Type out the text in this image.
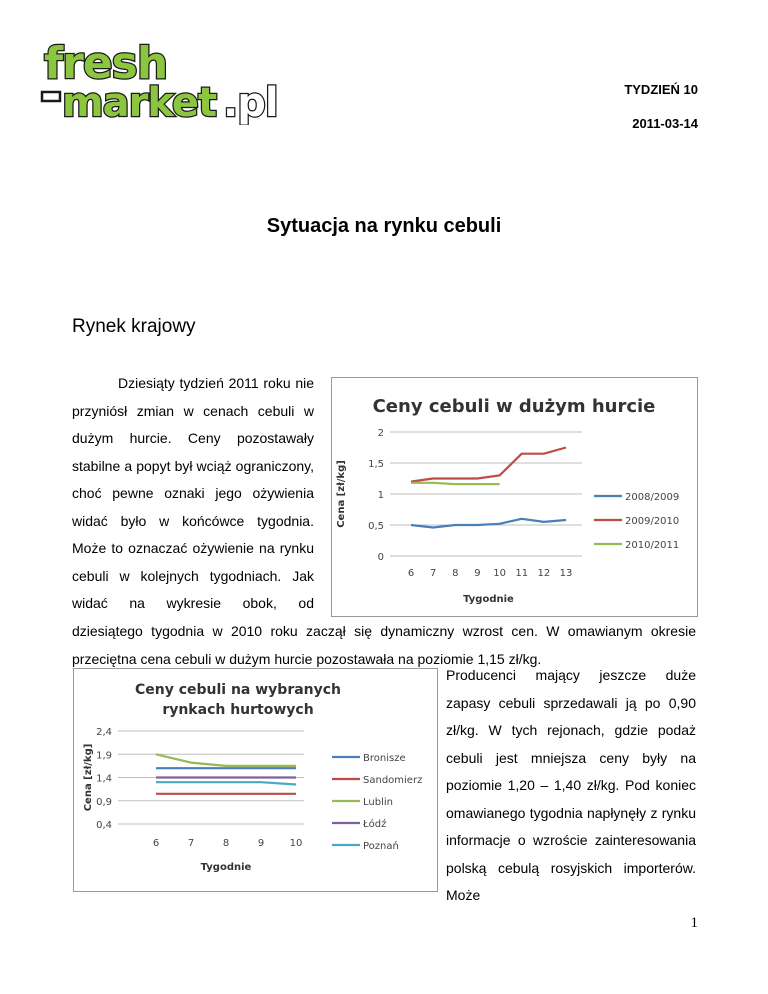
fresh
market .pl	TYDZIEŃ 10
2011-03-14
Sytuacja na rynku cebuli
Rynek krajowy
Dziesiąty tydzień 2011 roku nie przyniósł zmian w cenach cebuli w dużym hurcie. Ceny pozostawały stabilne a popyt był wciąż ograniczony, choć pewne oznaki jego ożywienia widać było w końcówce tygodnia. Może to oznaczać ożywienie na rynku cebuli w kolejnych tygodniach. Jak widać na wykresie obok, od
dziesiątego tygodnia w 2010 roku zaczął się dynamiczny wzrost cen. W omawianym okresie przeciętna cena cebuli w dużym hurcie pozostawała na poziomie 1,15 zł/kg.
Producenci mający jeszcze duże zapasy cebuli sprzedawali ją po 0,90 zł/kg. W tych rejonach, gdzie podaż cebuli jest mniejsza ceny były na poziomie 1,20 – 1,40 zł/kg. Pod koniec omawianego tygodnia napłynęły z rynku informacje o wzroście zainteresowania polską cebulą rosyjskich importerów. Może
Ceny cebuli w dużym hurcie
0
0,5
1
1,5
2
6 7 8 9 10 11 12 13
Tygodnie
Cena [zł/kg]	2008/2009
2009/2010
2010/2011
Ceny cebuli na wybranych
rynkach hurtowych
0,4
0,9
1,4
1,9
2,4
6	7	8	9	10
Tygodnie
Cena [zł/kg]	Bronisze
Sandomierz
Lublin
Łódź
Poznań
1
